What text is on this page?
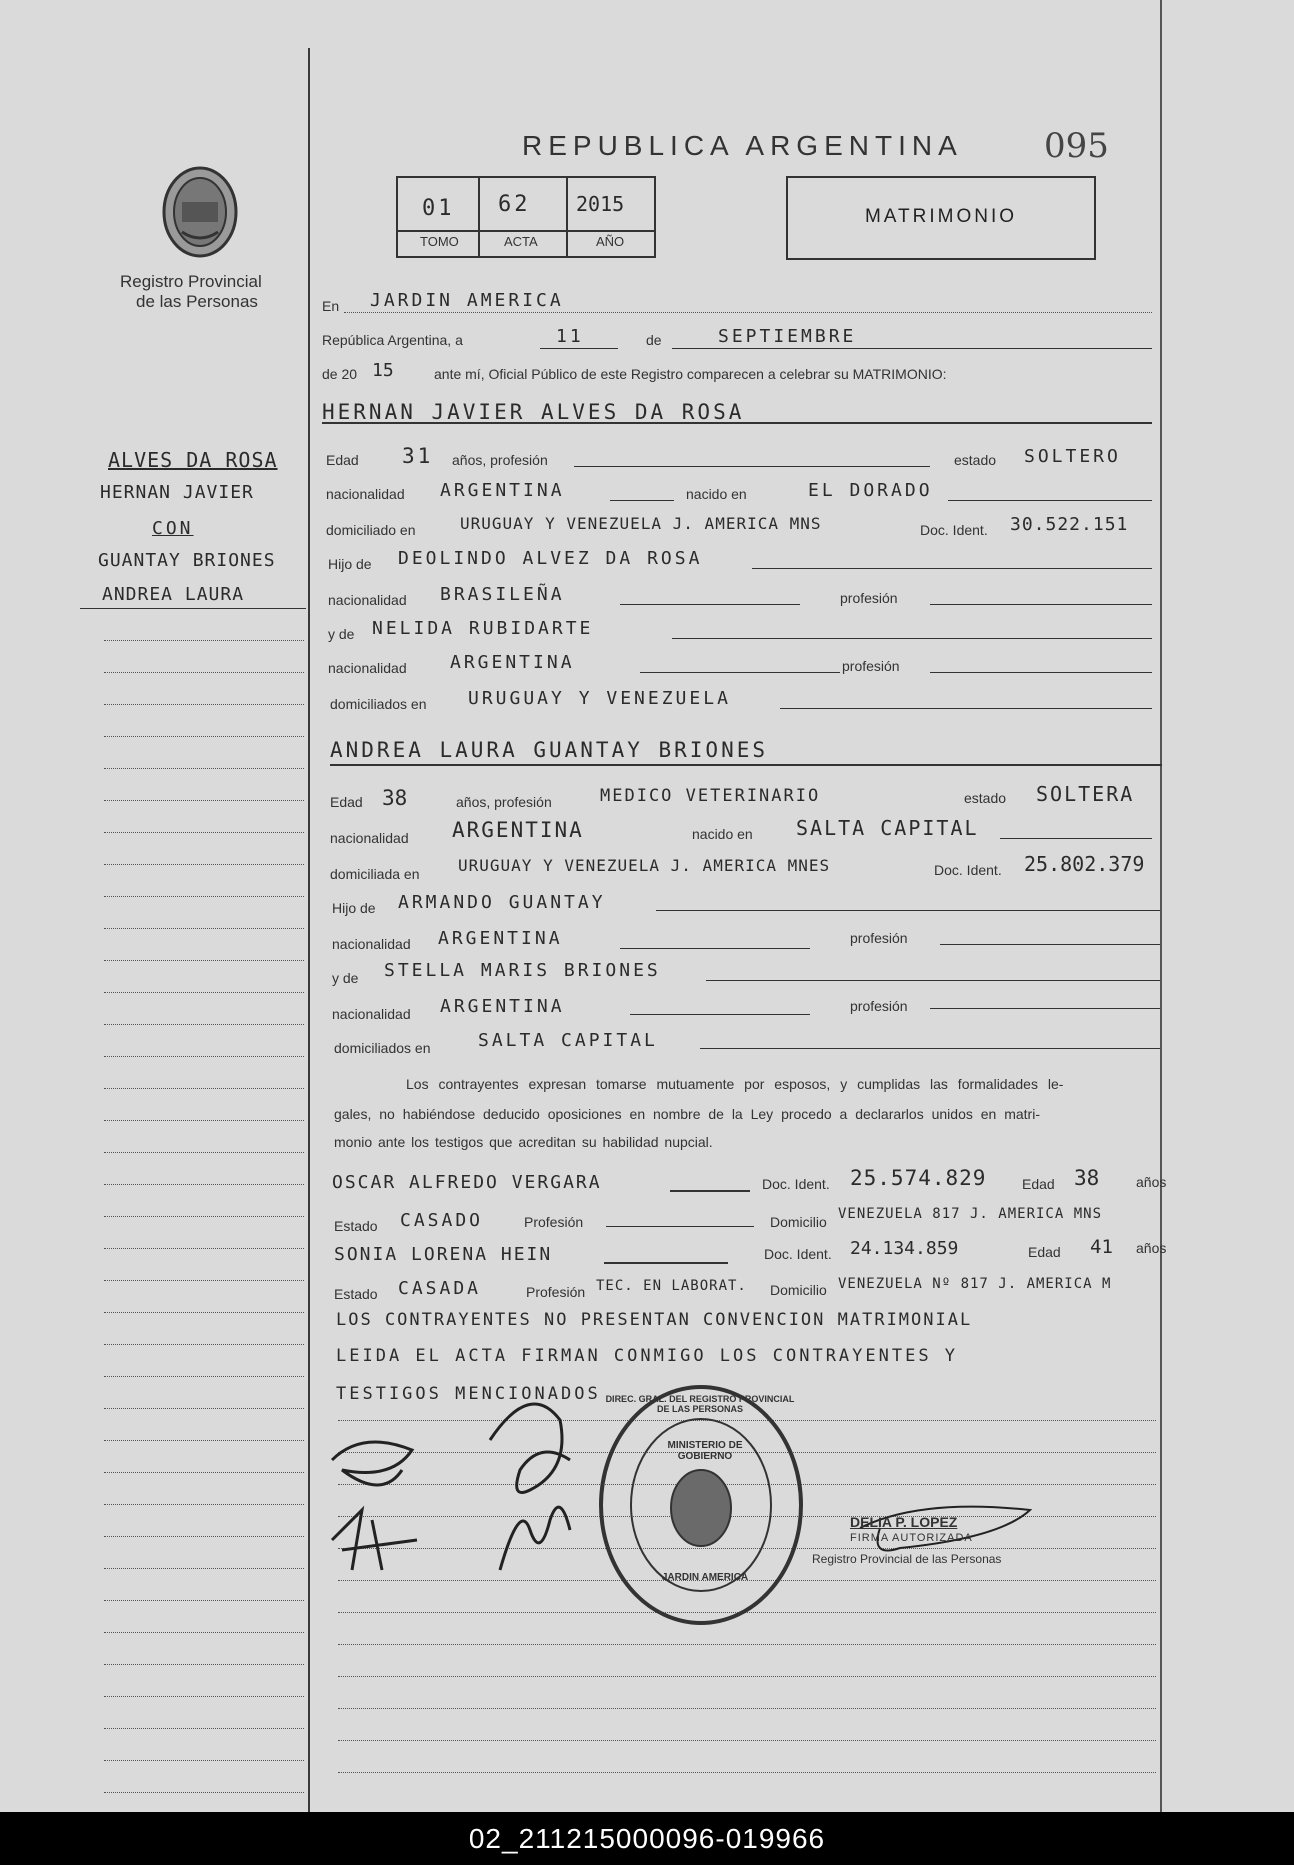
Registro Provincial
de las Personas
REPUBLICA ARGENTINA 095
01 62 2015
TOMO	ACTA	AÑO
MATRIMONIO
ALVES DA ROSA
HERNAN JAVIER
CON
GUANTAY BRIONES
ANDREA LAURA
En JARDIN AMERICA
República Argentina, a	11	de	SEPTIEMBRE
de 20 15	ante mí, Oficial Público de este Registro comparecen a celebrar su MATRIMONIO:
HERNAN JAVIER ALVES DA ROSA
Edad 31 años, profesión	estado SOLTERO
nacionalidad ARGENTINA	nacido en	EL DORADO
domiciliado en	URUGUAY Y VENEZUELA J. AMERICA MNS	Doc. Ident. 30.522.151
Hijo de DEOLINDO ALVEZ DA ROSA
nacionalidad BRASILEÑA	profesión
y de NELIDA RUBIDARTE
nacionalidad ARGENTINA	profesión
domiciliados en URUGUAY Y VENEZUELA
ANDREA LAURA GUANTAY BRIONES
Edad 38	años, profesión	MEDICO VETERINARIO	estado SOLTERA
nacionalidad ARGENTINA	nacido en SALTA CAPITAL
domiciliada en URUGUAY Y VENEZUELA J. AMERICA MNES	Doc. Ident. 25.802.379
Hijo de ARMANDO GUANTAY
nacionalidad ARGENTINA	profesión
y de STELLA MARIS BRIONES
nacionalidad ARGENTINA	profesión
domiciliados en	SALTA CAPITAL
Los contrayentes expresan tomarse mutuamente por esposos, y cumplidas las formalidades le-
gales, no habiéndose deducido oposiciones en nombre de la Ley procedo a declararlos unidos en matri-
monio ante los testigos que acreditan su habilidad nupcial.
OSCAR ALFREDO VERGARA	Doc. Ident. 25.574.829	Edad 38	años
Estado CASADO	Profesión	Domicilio VENEZUELA 817 J. AMERICA MNS
SONIA LORENA HEIN	Doc. Ident. 24.134.859	Edad 41 años
Estado CASADA	Profesión TEC. EN LABORAT. Domicilio VENEZUELA Nº 817 J. AMERICA M
LOS CONTRAYENTES NO PRESENTAN CONVENCION MATRIMONIAL
LEIDA EL ACTA FIRMAN CONMIGO LOS CONTRAYENTES Y
TESTIGOS MENCIONADOS DIREC. GRAL. DEL REGISTRO PROVINCIAL DE LAS PERSONAS
MINISTERIO DE GOBIERNO
JARDIN AMERICA
DELIA P. LOPEZ
FIRMA AUTORIZADA
Registro Provincial de las Personas
02_211215000096-019966
